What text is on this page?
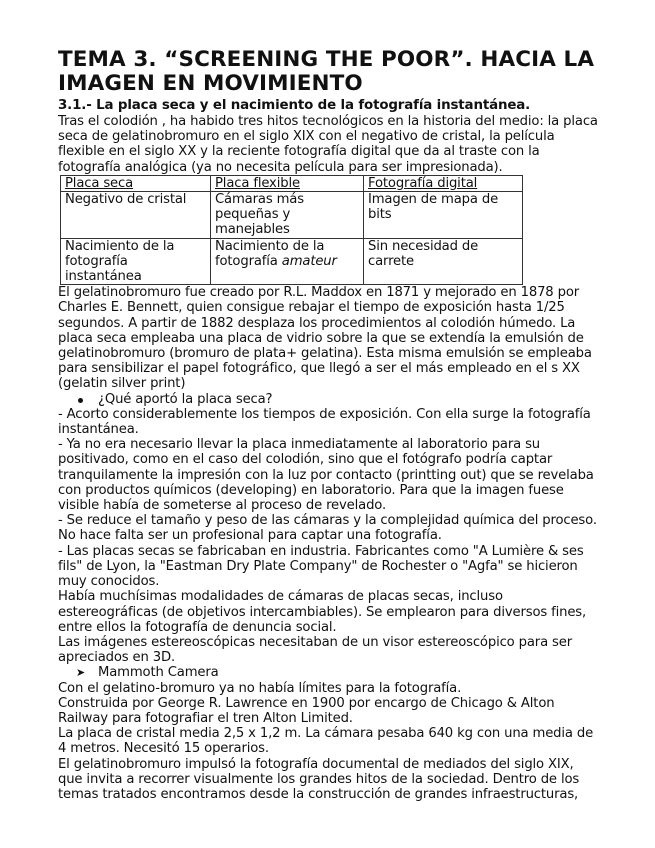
TEMA 3. “SCREENING THE POOR”. HACIA LA IMAGEN EN MOVIMIENTO

3.1.- La placa seca y el nacimiento de la fotografía instantánea.

Tras el colodión , ha habido tres hitos tecnológicos en la historia del medio: la placa seca de gelatinobromuro en el siglo XIX con el negativo de cristal, la película flexible en el siglo XX y la reciente fotografía digital que da al traste con la fotografía analógica (ya no necesita película para ser impresionada).

Placa seca	Placa flexible	Fotografía digital
Negativo de cristal	Cámaras más pequeñas y manejables	Imagen de mapa de bits
Nacimiento de la fotografía instantánea	Nacimiento de la fotografía amateur	Sin necesidad de carrete

El gelatinobromuro fue creado por R.L. Maddox en 1871 y mejorado en 1878 por Charles E. Bennett, quien consigue rebajar el tiempo de exposición hasta 1/25 segundos. A partir de 1882 desplaza los procedimientos al colodión húmedo. La placa seca empleaba una placa de vidrio sobre la que se extendía la emulsión de gelatinobromuro (bromuro de plata+ gelatina). Esta misma emulsión se empleaba para sensibilizar el papel fotográfico, que llegó a ser el más empleado en el s XX (gelatin silver print)

¿Qué aportó la placa seca?

- Acorto considerablemente los tiempos de exposición. Con ella surge la fotografía instantánea.

- Ya no era necesario llevar la placa inmediatamente al laboratorio para su positivado, como en el caso del colodión, sino que el fotógrafo podría captar tranquilamente la impresión con la luz por contacto (printting out) que se revelaba con productos químicos (developing) en laboratorio. Para que la imagen fuese visible había de someterse al proceso de revelado.

- Se reduce el tamaño y peso de las cámaras y la complejidad química del proceso. No hace falta ser un profesional para captar una fotografía.

- Las placas secas se fabricaban en industria. Fabricantes como "A Lumière & ses fils" de Lyon, la "Eastman Dry Plate Company" de Rochester o "Agfa" se hicieron muy conocidos.

Había muchísimas modalidades de cámaras de placas secas, incluso estereográficas (de objetivos intercambiables). Se emplearon para diversos fines, entre ellos la fotografía de denuncia social.

Las imágenes estereoscópicas necesitaban de un visor estereoscópico para ser apreciados en 3D.

➤ Mammoth Camera

Con el gelatino-bromuro ya no había límites para la fotografía.

Construida por George R. Lawrence en 1900 por encargo de Chicago & Alton Railway para fotografiar el tren Alton Limited.

La placa de cristal media 2,5 x 1,2 m. La cámara pesaba 640 kg con una media de 4 metros. Necesitó 15 operarios.

El gelatinobromuro impulsó la fotografía documental de mediados del siglo XIX, que invita a recorrer visualmente los grandes hitos de la sociedad. Dentro de los temas tratados encontramos desde la construcción de grandes infraestructuras,
